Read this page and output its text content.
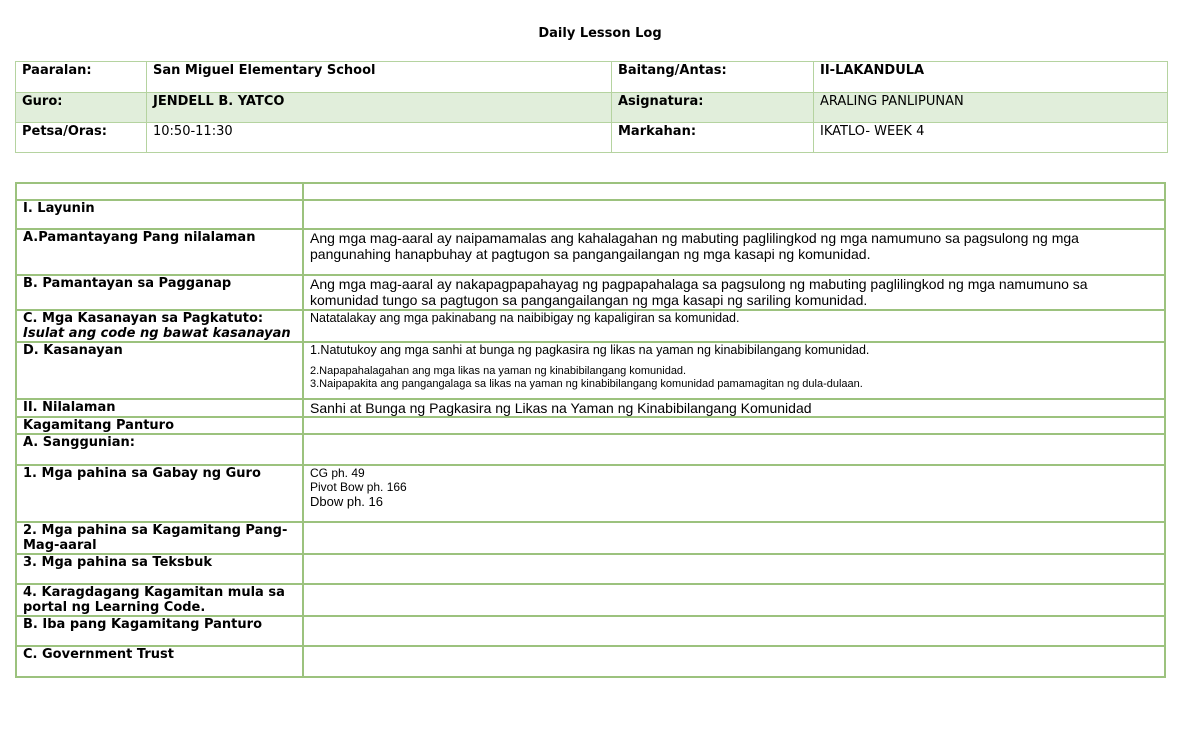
Daily Lesson Log
Paaralan:	San Miguel Elementary School	Baitang/Antas:	II-LAKANDULA
Guro:	JENDELL B. YATCO	Asignatura:	ARALING PANLIPUNAN
Petsa/Oras:	10:50-11:30	Markahan:	IKATLO- WEEK 4

I. Layunin	
A.Pamantayang Pang nilalaman	Ang mga mag-aaral ay naipamamalas ang kahalagahan ng mabuting paglilingkod ng mga namumuno sa pagsulong ng mga pangunahing hanapbuhay at pagtugon sa pangangailangan ng mga kasapi ng komunidad.
B. Pamantayan sa Pagganap	Ang mga mag-aaral ay nakapagpapahayag ng pagpapahalaga sa pagsulong ng mabuting paglilingkod ng mga namumuno sa komunidad tungo sa pagtugon sa pangangailangan ng mga kasapi ng sariling komunidad.

C. Mga Kasanayan sa Pagkatuto:
Isulat ang code ng bawat kasanayan	Natatalakay ang mga pakinabang na naibibigay ng kapaligiran sa komunidad.
D. Kasanayan	1.Natutukoy ang mga sanhi at bunga ng pagkasira ng likas na yaman ng kinabibilangang komunidad.
2.Napapahalagahan ang mga likas na yaman ng kinabibilangang komunidad.
3.Naipapakita ang pangangalaga sa likas na yaman ng kinabibilangang komunidad pamamagitan ng dula-dulaan.

II. Nilalaman	Sanhi at Bunga ng Pagkasira ng Likas na Yaman ng Kinabibilangang Komunidad
Kagamitang Panturo	
A. Sanggunian:	
1. Mga pahina sa Gabay ng Guro	CG ph. 49
Pivot Bow ph. 166
Dbow ph. 16

2. Mga pahina sa Kagamitang Pang-Mag-aaral	
3. Mga pahina sa Teksbuk	
4. Karagdagang Kagamitan mula sa portal ng Learning Code.	
B. Iba pang Kagamitang Panturo	
C. Government Trust	
